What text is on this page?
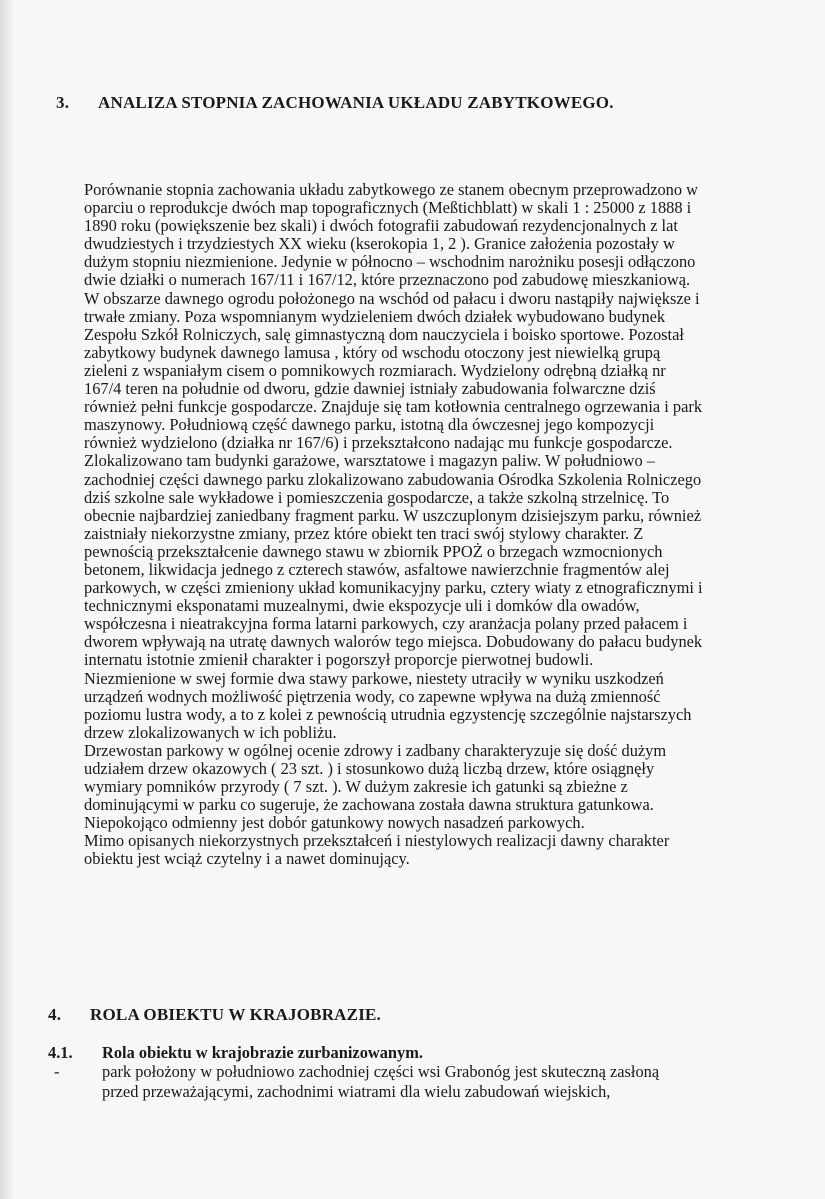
3. ANALIZA STOPNIA ZACHOWANIA UKŁADU ZABYTKOWEGO.
Porównanie stopnia zachowania układu zabytkowego ze stanem obecnym przeprowadzono w
oparciu o reprodukcje dwóch map topograficznych (Meßtichblatt) w skali 1 : 25000 z 1888 i
1890 roku (powiększenie bez skali) i dwóch fotografii zabudowań rezydencjonalnych z lat
dwudziestych i trzydziestych XX wieku (kserokopia 1, 2 ). Granice założenia pozostały w
dużym stopniu niezmienione. Jedynie w północno – wschodnim narożniku posesji odłączono
dwie działki o numerach 167/11 i 167/12, które przeznaczono pod zabudowę mieszkaniową.
W obszarze dawnego ogrodu położonego na wschód od pałacu i dworu nastąpiły największe i
trwałe zmiany. Poza wspomnianym wydzieleniem dwóch działek wybudowano budynek
Zespołu Szkół Rolniczych, salę gimnastyczną dom nauczyciela i boisko sportowe. Pozostał
zabytkowy budynek dawnego lamusa , który od wschodu otoczony jest niewielką grupą
zieleni z wspaniałym cisem o pomnikowych rozmiarach. Wydzielony odrębną działką nr
167/4 teren na południe od dworu, gdzie dawniej istniały zabudowania folwarczne dziś
również pełni funkcje gospodarcze. Znajduje się tam kotłownia centralnego ogrzewania i park
maszynowy. Południową część dawnego parku, istotną dla ówczesnej jego kompozycji
również wydzielono (działka nr 167/6) i przekształcono nadając mu funkcje gospodarcze.
Zlokalizowano tam budynki garażowe, warsztatowe i magazyn paliw. W południowo –
zachodniej części dawnego parku zlokalizowano zabudowania Ośrodka Szkolenia Rolniczego
dziś szkolne sale wykładowe i pomieszczenia gospodarcze, a także szkolną strzelnicę. To
obecnie najbardziej zaniedbany fragment parku. W uszczuplonym dzisiejszym parku, również
zaistniały niekorzystne zmiany, przez które obiekt ten traci swój stylowy charakter. Z
pewnością przekształcenie dawnego stawu w zbiornik PPOŻ o brzegach wzmocnionych
betonem, likwidacja jednego z czterech stawów, asfaltowe nawierzchnie fragmentów alej
parkowych, w części zmieniony układ komunikacyjny parku, cztery wiaty z etnograficznymi i
technicznymi eksponatami muzealnymi, dwie ekspozycje uli i domków dla owadów,
współczesna i nieatrakcyjna forma latarni parkowych, czy aranżacja polany przed pałacem i
dworem wpływają na utratę dawnych walorów tego miejsca. Dobudowany do pałacu budynek
internatu istotnie zmienił charakter i pogorszył proporcje pierwotnej budowli.
Niezmienione w swej formie dwa stawy parkowe, niestety utraciły w wyniku uszkodzeń
urządzeń wodnych możliwość piętrzenia wody, co zapewne wpływa na dużą zmienność
poziomu lustra wody, a to z kolei z pewnością utrudnia egzystencję szczególnie najstarszych
drzew zlokalizowanych w ich pobliżu.
Drzewostan parkowy w ogólnej ocenie zdrowy i zadbany charakteryzuje się dość dużym
udziałem drzew okazowych ( 23 szt. ) i stosunkowo dużą liczbą drzew, które osiągnęły
wymiary pomników przyrody ( 7 szt. ). W dużym zakresie ich gatunki są zbieżne z
dominującymi w parku co sugeruje, że zachowana została dawna struktura gatunkowa.
Niepokojąco odmienny jest dobór gatunkowy nowych nasadzeń parkowych.
Mimo opisanych niekorzystnych przekształceń i niestylowych realizacji dawny charakter
obiektu jest wciąż czytelny i a nawet dominujący.
4. ROLA OBIEKTU W KRAJOBRAZIE.
4.1. Rola obiektu w krajobrazie zurbanizowanym.
-	park położony w południowo zachodniej części wsi Grabonóg jest skuteczną zasłoną
przed przeważającymi, zachodnimi wiatrami dla wielu zabudowań wiejskich,
